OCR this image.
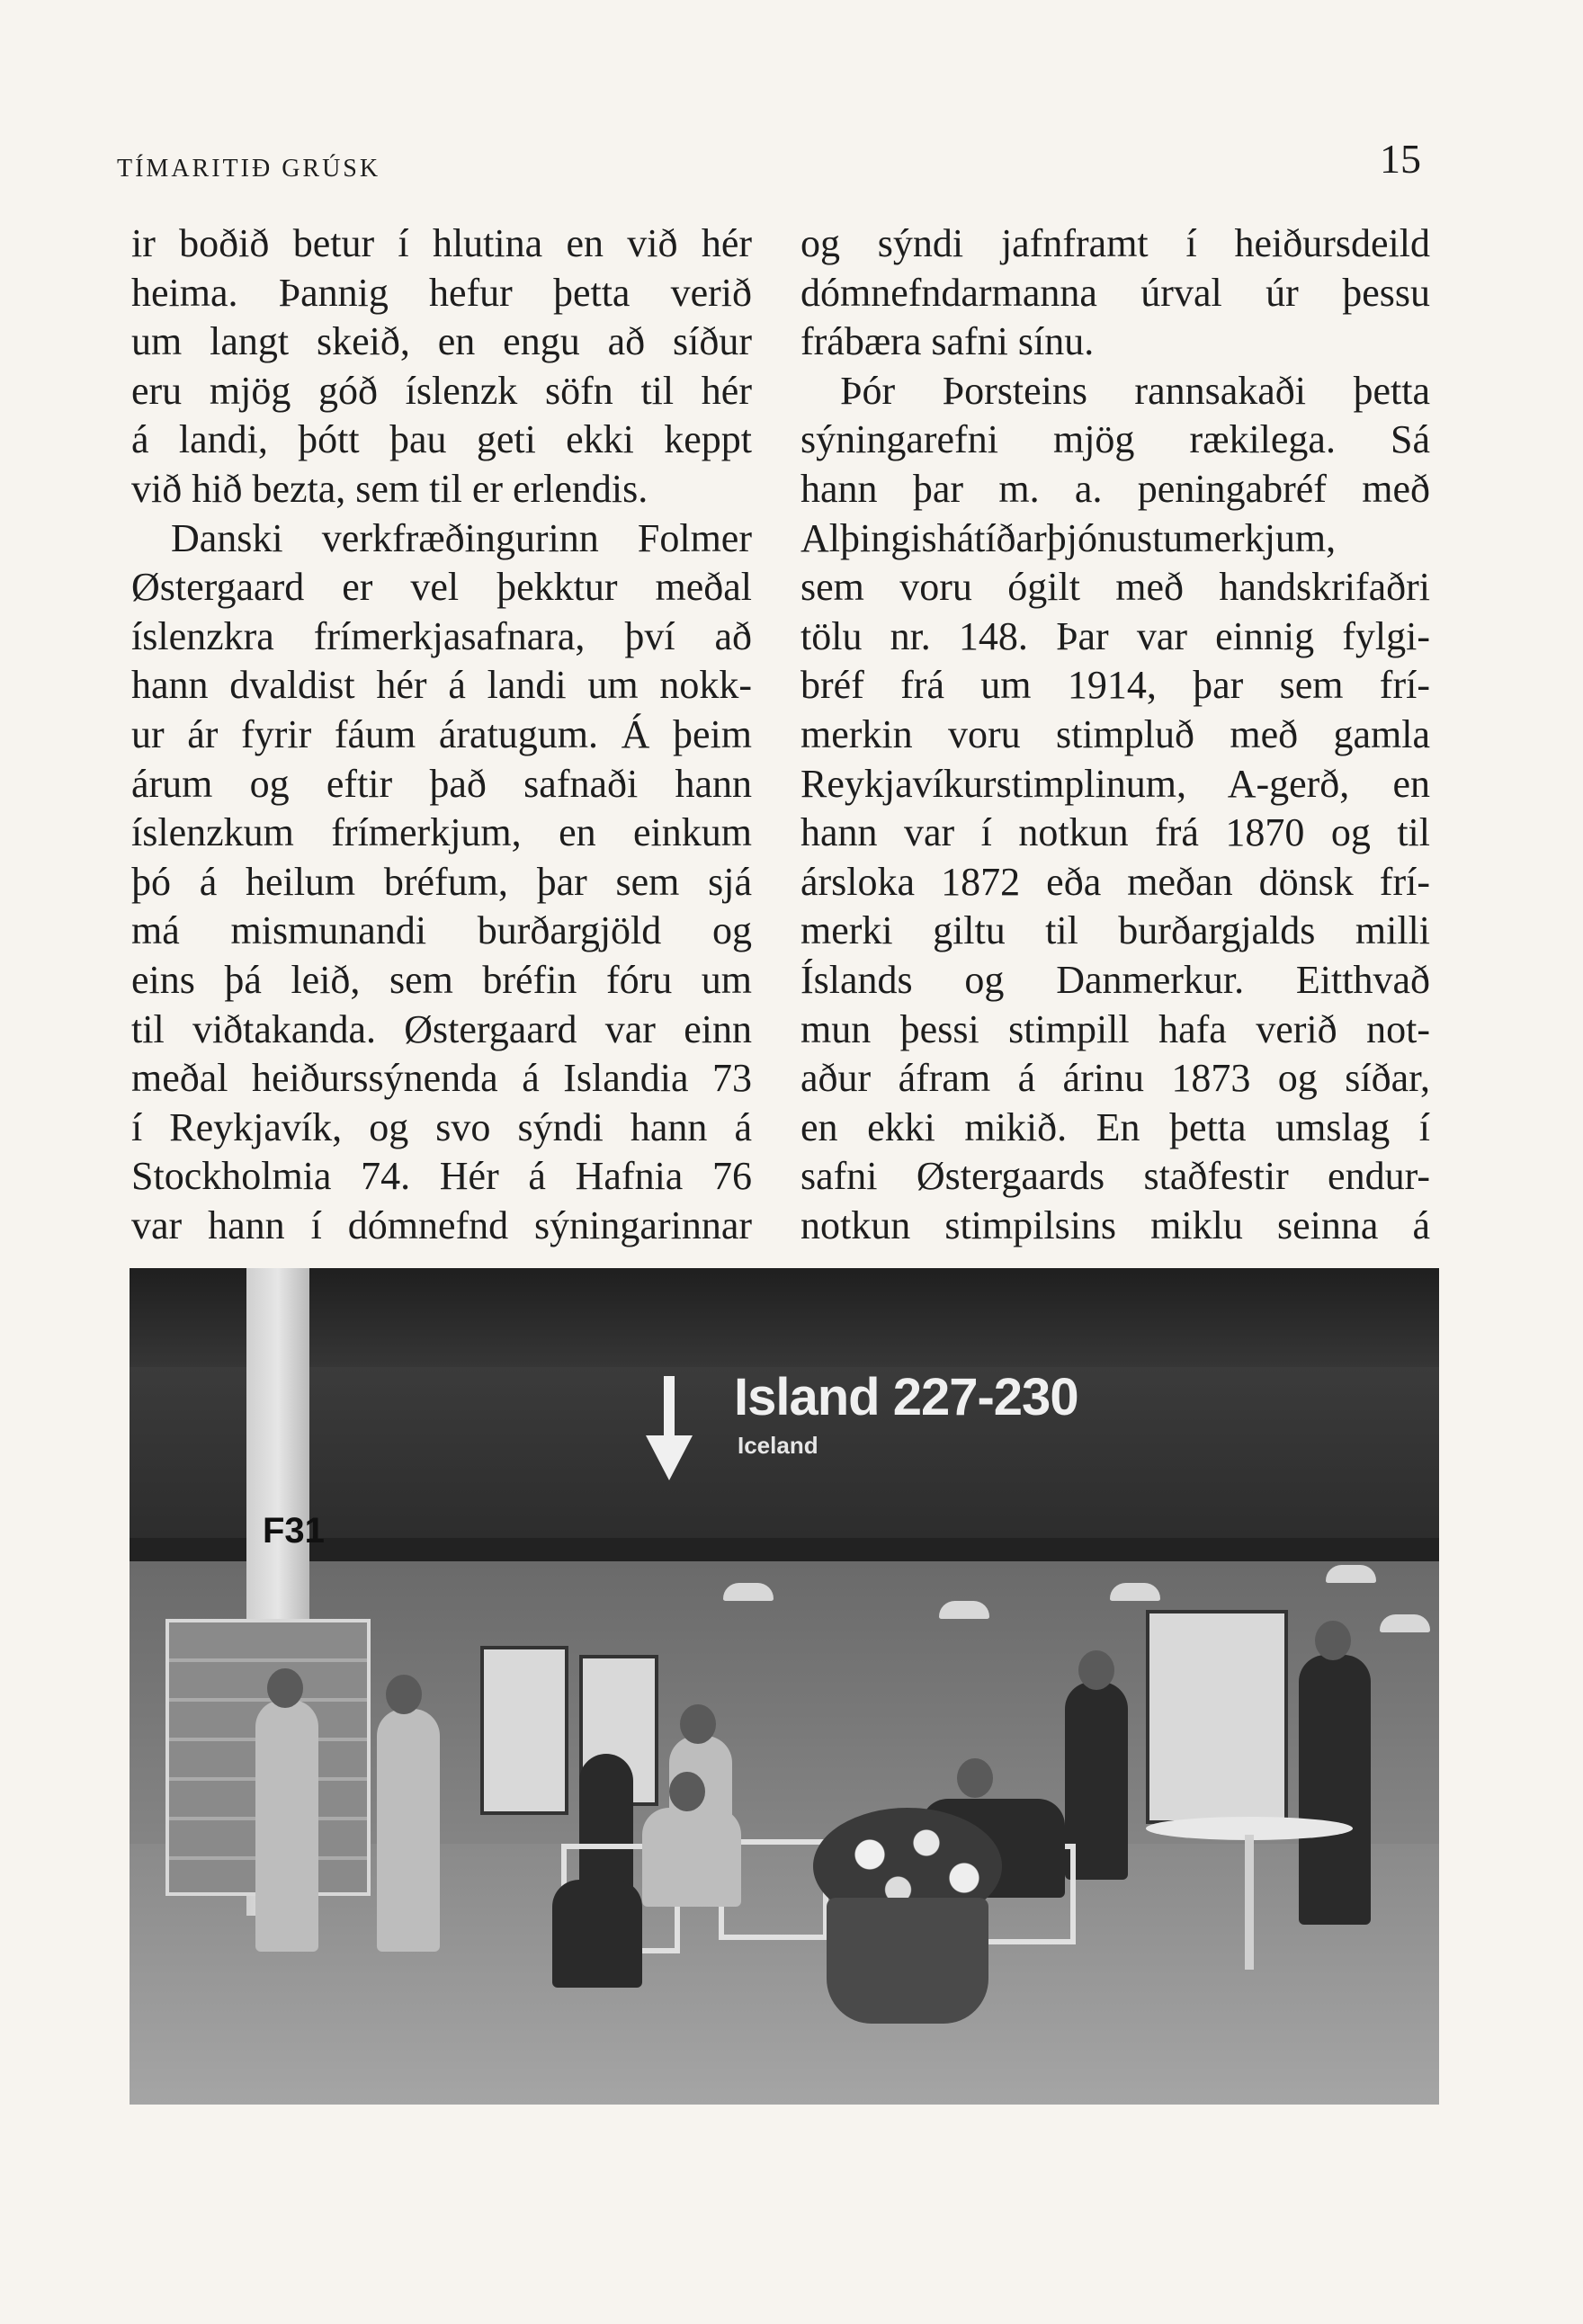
TÍMARITIÐ GRÚSK	15
ir boðið betur í hlutina en við hér
heima. Þannig hefur þetta verið
um langt skeið, en engu að síður
eru mjög góð íslenzk söfn til hér
á landi, þótt þau geti ekki keppt
við hið bezta, sem til er erlendis.
Danski verkfræðingurinn Folmer
Østergaard er vel þekktur meðal
íslenzkra frímerkjasafnara, því að
hann dvaldist hér á landi um nokk-
ur ár fyrir fáum áratugum. Á þeim
árum og eftir það safnaði hann
íslenzkum frímerkjum, en einkum
þó á heilum bréfum, þar sem sjá
má mismunandi burðargjöld og
eins þá leið, sem bréfin fóru um
til viðtakanda. Østergaard var einn
meðal heiðurssýnenda á Islandia 73
í Reykjavík, og svo sýndi hann á
Stockholmia 74. Hér á Hafnia 76
var hann í dómnefnd sýningarinnar
og sýndi jafnframt í heiðursdeild
dómnefndarmanna úrval úr þessu
frábæra safni sínu.
Þór Þorsteins rannsakaði þetta
sýningarefni mjög rækilega. Sá
hann þar m. a. peningabréf með
Alþingishátíðarþjónustumerkjum,
sem voru ógilt með handskrifaðri
tölu nr. 148. Þar var einnig fylgi-
bréf frá um 1914, þar sem frí-
merkin voru stimpluð með gamla
Reykjavíkurstimplinum, A-gerð, en
hann var í notkun frá 1870 og til
ársloka 1872 eða meðan dönsk frí-
merki giltu til burðargjalds milli
Íslands og Danmerkur. Eitthvað
mun þessi stimpill hafa verið not-
aður áfram á árinu 1873 og síðar,
en ekki mikið. En þetta umslag í
safni Østergaards staðfestir endur-
notkun stimpilsins miklu seinna á
Island 227-230
Iceland
F31
